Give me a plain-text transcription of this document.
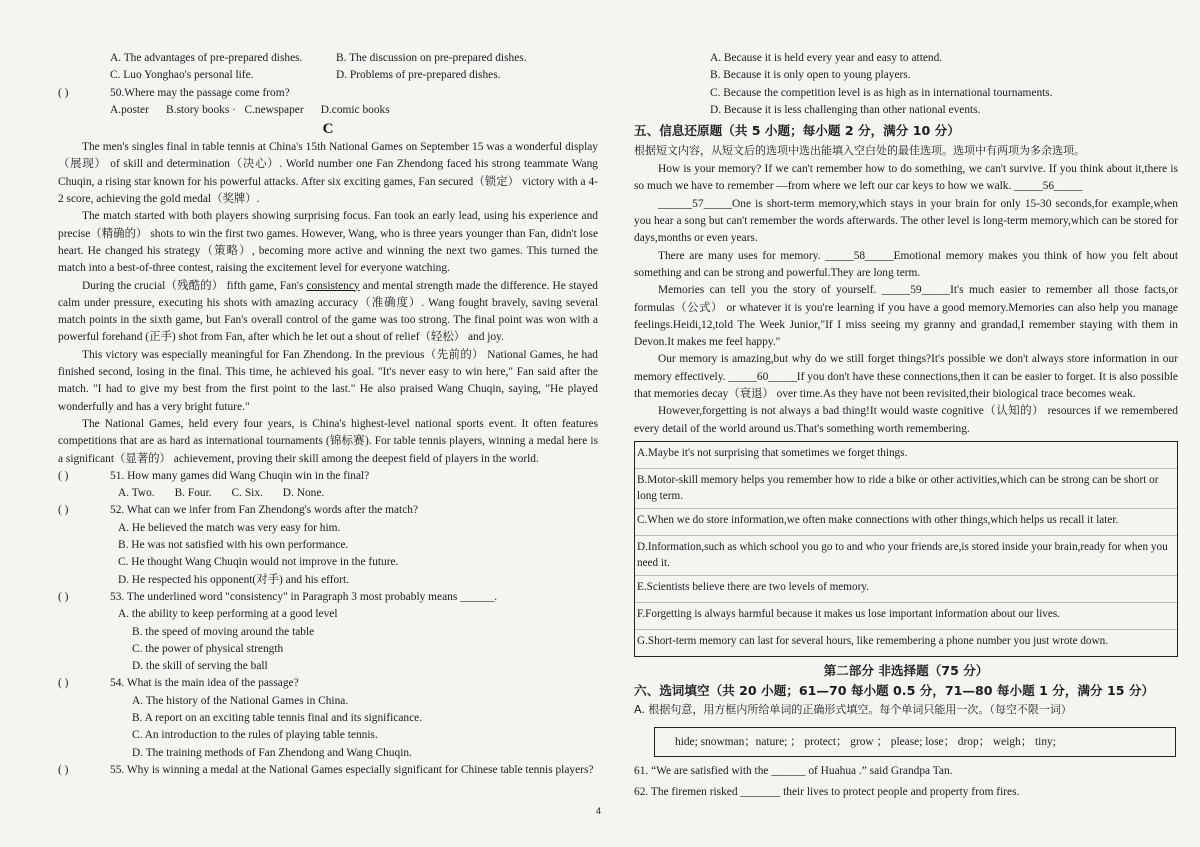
A. The advantages of pre-prepared dishes.	B. The discussion on pre-prepared dishes.
C. Luo Yonghao's personal life.	D. Problems of pre-prepared dishes.
( )	50.Where may the passage come from?

A.poster      B.story books ·   C.newspaper      D.comic books

C

The men's singles final in table tennis at China's 15th National Games on September 15 was a wonderful display（展现） of skill and determination（决心）. World number one Fan Zhendong faced his strong teammate Wang Chuqin, a rising star known for his powerful attacks. After six exciting games, Fan secured（锁定） victory with a 4-2 score, achieving the gold medal（奖牌）.

The match started with both players showing surprising focus. Fan took an early lead, using his experience and precise（精确的） shots to win the first two games. However, Wang, who is three years younger than Fan, didn't lose heart. He changed his strategy（策略）, becoming more active and winning the next two games. This turned the match into a best-of-three contest, raising the excitement level for everyone watching.

During the crucial（残酷的） fifth game, Fan's consistency and mental strength made the difference. He stayed calm under pressure, executing his shots with amazing accuracy（准确度）. Wang fought bravely, saving several match points in the sixth game, but Fan's overall control of the game was too strong. The final point was won with a powerful forehand (正手) shot from Fan, after which he let out a shout of relief（轻松） and joy.

This victory was especially meaningful for Fan Zhendong. In the previous（先前的） National Games, he had finished second, losing in the final. This time, he achieved his goal. "It's never easy to win here," Fan said after the match. "I had to give my best from the first point to the last." He also praised Wang Chuqin, saying, "He played wonderfully and has a very bright future."

The National Games, held every four years, is China's highest-level national sports event. It often features competitions that are as hard as international tournaments (锦标赛). For table tennis players, winning a medal here is a significant（显著的） achievement, proving their skill among the deepest field of players in the world.

( )	51. How many games did Wang Chuqin win in the final?

A. Two.       B. Four.       C. Six.       D. None.

( )	52. What can we infer from Fan Zhendong's words after the match?

A. He believed the match was very easy for him.

B. He was not satisfied with his own performance.

C. He thought Wang Chuqin would not improve in the future.

D. He respected his opponent(对手) and his effort.

( )	53. The underlined word "consistency" in Paragraph 3 most probably means ______.

A. the ability to keep performing at a good level

B. the speed of moving around the table

C. the power of physical strength

D. the skill of serving the ball

( )	54. What is the main idea of the passage?

A. The history of the National Games in China.

B. A report on an exciting table tennis final and its significance.

C. An introduction to the rules of playing table tennis.

D. The training methods of Fan Zhendong and Wang Chuqin.

( )	55. Why is winning a medal at the National Games especially significant for Chinese table tennis players?

A. Because it is held every year and easy to attend.

B. Because it is only open to young players.

C. Because the competition level is as high as in international tournaments.

D. Because it is less challenging than other national events.

五、信息还原题（共 5 小题；每小题 2 分，满分 10 分）

根据短文内容，从短文后的选项中选出能填入空白处的最佳选项。选项中有两项为多余选项。

How is your memory? If we can't remember how to do something, we can't survive. If you think about it,there is so much we have to remember —from where we left our car keys to how we walk. _____56_____

______57_____One is short-term memory,which stays in your brain for only 15-30 seconds,for example,when you hear a song but can't remember the words afterwards. The other level is long-term memory,which can be stored for days,months or even years.

There are many uses for memory. _____58_____Emotional memory makes you think of how you felt about something and can be strong and powerful.They are long term.

Memories can tell you the story of yourself. _____59_____It's much easier to remember all those facts,or formulas（公式） or whatever it is you're learning if you have a good memory.Memories can also help you manage feelings.Heidi,12,told The Week Junior,"If I miss seeing my granny and grandad,I remember staying with them in Devon.It makes me feel happy."

Our memory is amazing,but why do we still forget things?It's possible we don't always store information in our memory effectively. _____60_____If you don't have these connections,then it can be easier to forget. It is also possible that memories decay（衰退） over time.As they have not been revisited,their biological trace becomes weak.

However,forgetting is not always a bad thing!It would waste cognitive（认知的） resources if we remembered every detail of the world around us.That's something worth remembering.

A.Maybe it's not surprising that sometimes we forget things.

B.Motor-skill memory helps you remember how to ride a bike or other activities,which can be strong can be short or long term.

C.When we do store information,we often make connections with other things,which helps us recall it later.

D.Information,such as which school you go to and who your friends are,is stored inside your brain,ready for when you need it.

E.Scientists believe there are two levels of memory.

F.Forgetting is always harmful because it makes us lose important information about our lives.

G.Short-term memory can last for several hours, like remembering a phone number you just wrote down.

第二部分 非选择题（75 分）

六、选词填空（共 20 小题；61—70 每小题 0.5 分，71—80 每小题 1 分，满分 15 分）

A. 根据句意，用方框内所给单词的正确形式填空。每个单词只能用一次。（每空不限一词）

hide; snowman；nature; ； protect； grow ； please; lose； drop； weigh； tiny;

61. “We are satisfied with the ______ of Huahua .” said Grandpa Tan.

62. The firemen risked _______ their lives to protect people and property from fires.

4
